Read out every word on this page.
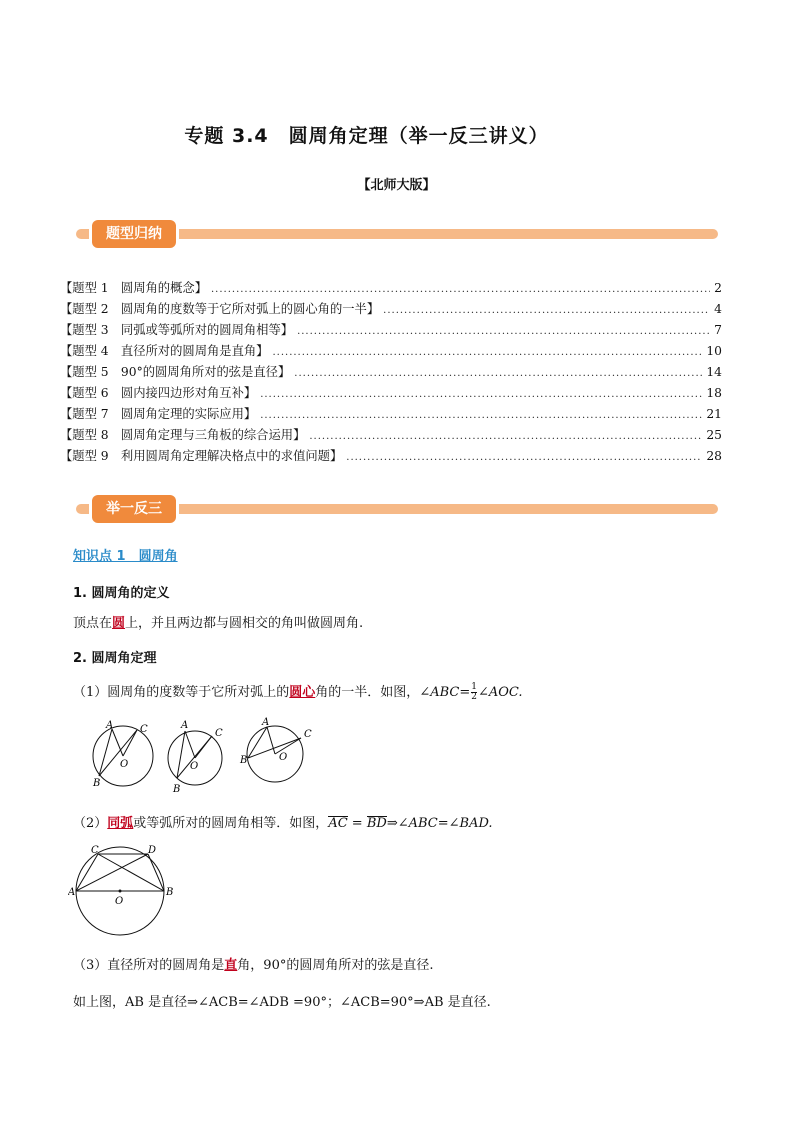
专题 3.4　圆周角定理（举一反三讲义）
【北师大版】
题型归纳
【题型 1　圆周角的概念】 .....	2
【题型 2　圆周角的度数等于它所对弧上的圆心角的一半】 .....	4
【题型 3　同弧或等弧所对的圆周角相等】 .....	7
【题型 4　直径所对的圆周角是直角】 .....	10
【题型 5　90°的圆周角所对的弦是直径】 .....	14
【题型 6　圆内接四边形对角互补】 .....	18
【题型 7　圆周角定理的实际应用】 .....	21
【题型 8　圆周角定理与三角板的综合运用】 .....	25
【题型 9　利用圆周角定理解决格点中的求值问题】 .....	28
举一反三
知识点 1　圆周角
1. 圆周角的定义
顶点在圆上，并且两边都与圆相交的角叫做圆周角.
2. 圆周角定理
（1）圆周角的度数等于它所对弧上的圆心角的一半．如图，∠ABC= $\frac{1}{2}$ ∠AOC.
A	C
B
O
A
C
B
O
A
C
B	O
（2）同弧或等弧所对的圆周角相等．如图，AC = BD⇒∠ABC=∠BAD.
C	D
A	B
O
（3）直径所对的圆周角是直角，90°的圆周角所对的弦是直径.
如上图，AB 是直径⇒∠ACB=∠ADB =90°；∠ACB=90°⇒AB 是直径.
